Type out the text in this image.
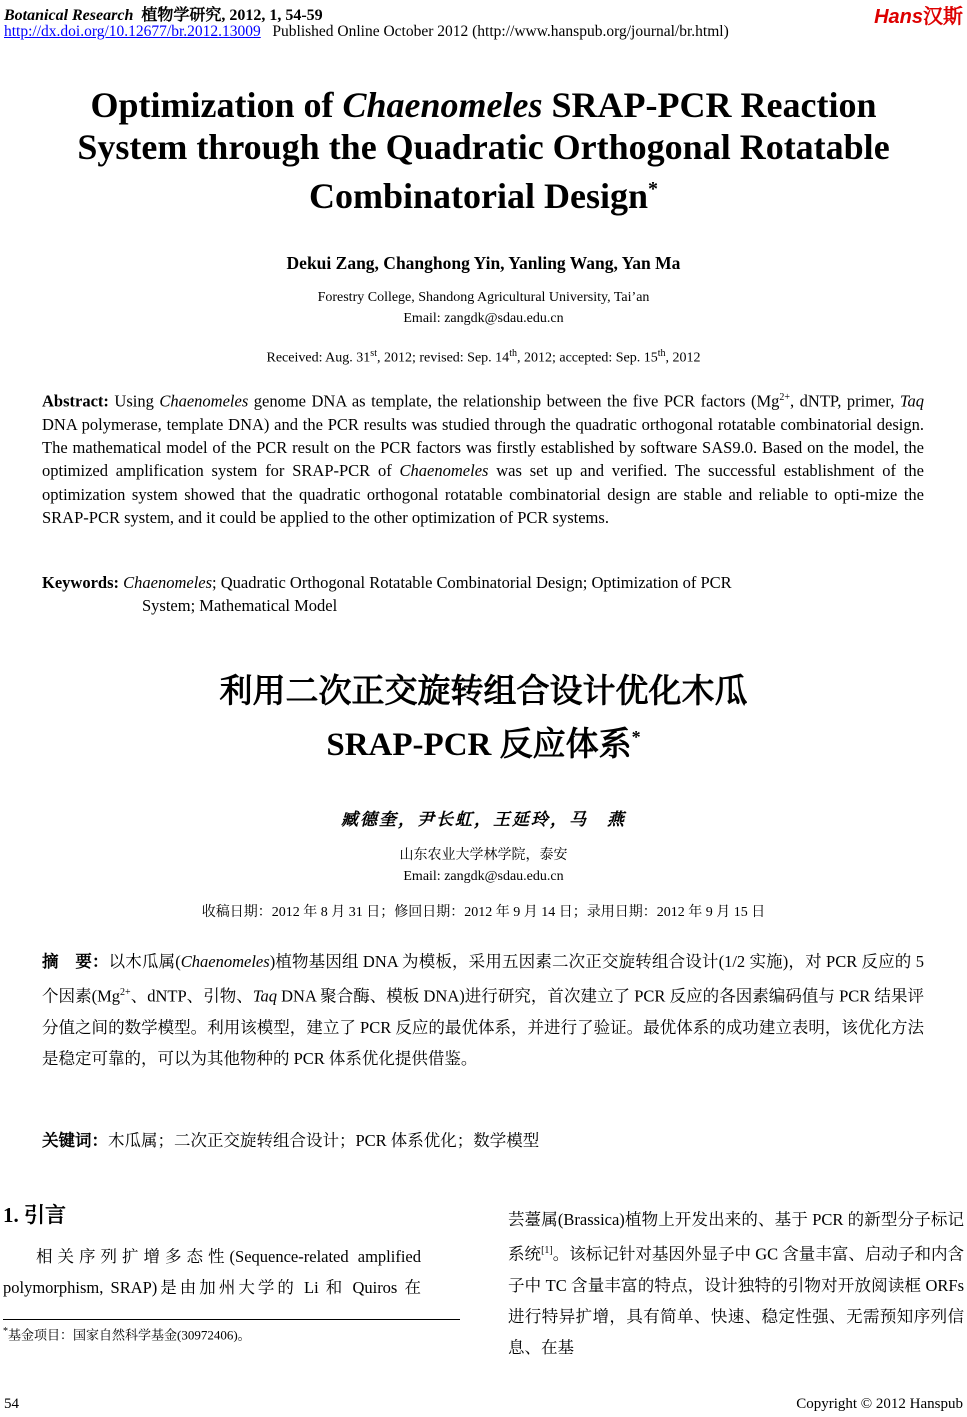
Botanical Research 植物学研究, 2012, 1, 54-59
http://dx.doi.org/10.12677/br.2012.13009 Published Online October 2012 (http://www.hanspub.org/journal/br.html)
Hans汉斯
Optimization of Chaenomeles SRAP-PCR Reaction
System through the Quadratic Orthogonal Rotatable
Combinatorial Design*
Dekui Zang, Changhong Yin, Yanling Wang, Yan Ma
Forestry College, Shandong Agricultural University, Tai’an
Email: zangdk@sdau.edu.cn
Received: Aug. 31st, 2012; revised: Sep. 14th, 2012; accepted: Sep. 15th, 2012
Abstract: Using Chaenomeles genome DNA as template, the relationship between the five PCR factors ($Mg^{2+}$, dNTP, primer, Taq DNA polymerase, template DNA) and the PCR results was studied through the quadratic orthogonal rotatable combinatorial design. The mathematical model of the PCR result on the PCR factors was firstly established by software SAS9.0. Based on the model, the optimized amplification system for SRAP-PCR of Chaenomeles was set up and verified. The successful establishment of the optimization system showed that the quadratic orthogonal rotatable combinatorial design are stable and reliable to opti-mize the SRAP-PCR system, and it could be applied to the other optimization of PCR systems.
Keywords: Chaenomeles; Quadratic Orthogonal Rotatable Combinatorial Design; Optimization of PCR
System; Mathematical Model
利用二次正交旋转组合设计优化木瓜
SRAP-PCR 反应体系*
臧德奎，尹长虹，王延玲，马　燕
山东农业大学林学院，泰安
Email: zangdk@sdau.edu.cn
收稿日期：2012 年 8 月 31 日；修回日期：2012 年 9 月 14 日；录用日期：2012 年 9 月 15 日
摘　要：以木瓜属(Chaenomeles)植物基因组 DNA 为模板，采用五因素二次正交旋转组合设计(1/2 实施)，对 PCR 反应的 5 个因素($Mg^{2+}$、dNTP、引物、Taq DNA 聚合酶、模板 DNA)进行研究，首次建立了 PCR 反应的各因素编码值与 PCR 结果评分值之间的数学模型。利用该模型，建立了 PCR 反应的最优体系，并进行了验证。最优体系的成功建立表明，该优化方法是稳定可靠的，可以为其他物种的 PCR 体系优化提供借鉴。
关键词：木瓜属；二次正交旋转组合设计；PCR 体系优化；数学模型
1. 引言
相关序列扩增多态性(Sequence-related amplified polymorphism, SRAP)是由加州大学的 Li 和 Quiros 在
*基金项目：国家自然科学基金(30972406)。
芸薹属(Brassica)植物上开发出来的、基于 PCR 的新型分子标记系统[1]。该标记针对基因外显子中 GC 含量丰富、启动子和内含子中 TC 含量丰富的特点，设计独特的引物对开放阅读框 ORFs 进行特异扩增，具有简单、快速、稳定性强、无需预知序列信息、在基
54	Copyright © 2012 Hanspub
